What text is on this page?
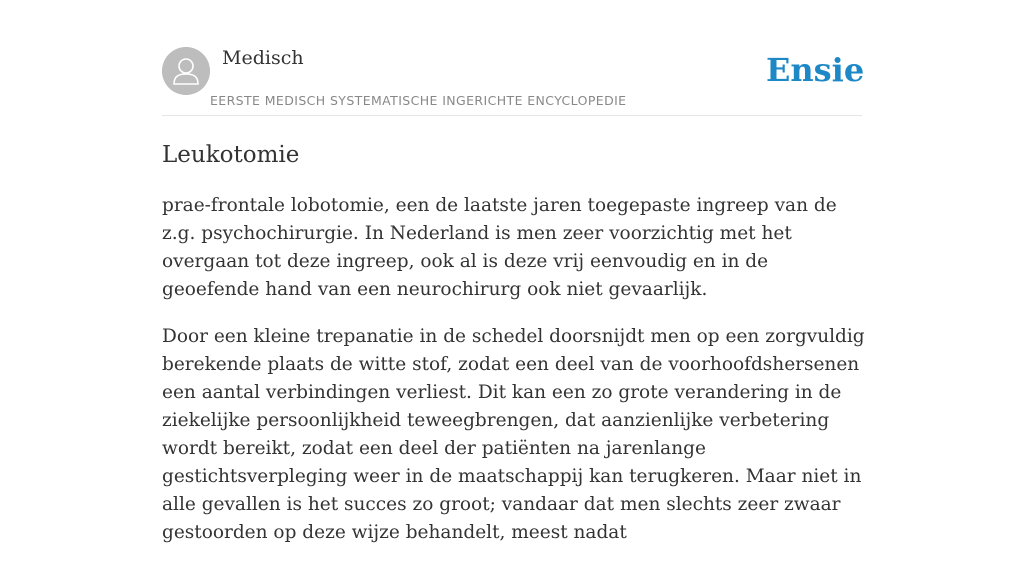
Medisch
EERSTE MEDISCH SYSTEMATISCHE INGERICHTE ENCYCLOPEDIE
Ensie
Leukotomie

prae-frontale lobotomie, een de laatste jaren toegepaste ingreep van de z.g. psychochirurgie. In Nederland is men zeer voorzichtig met het overgaan tot deze ingreep, ook al is deze vrij eenvoudig en in de geoefende hand van een neurochirurg ook niet gevaarlijk.

Door een kleine trepanatie in de schedel doorsnijdt men op een zorgvuldig berekende plaats de witte stof, zodat een deel van de voorhoofdshersenen een aantal verbindingen verliest. Dit kan een zo grote verandering in de ziekelijke persoonlijkheid teweegbrengen, dat aanzienlijke verbetering wordt bereikt, zodat een deel der patiënten na jarenlange gestichtsverpleging weer in de maatschappij kan terugkeren. Maar niet in alle gevallen is het succes zo groot; vandaar dat men slechts zeer zwaar gestoorden op deze wijze behandelt, meest nadat
